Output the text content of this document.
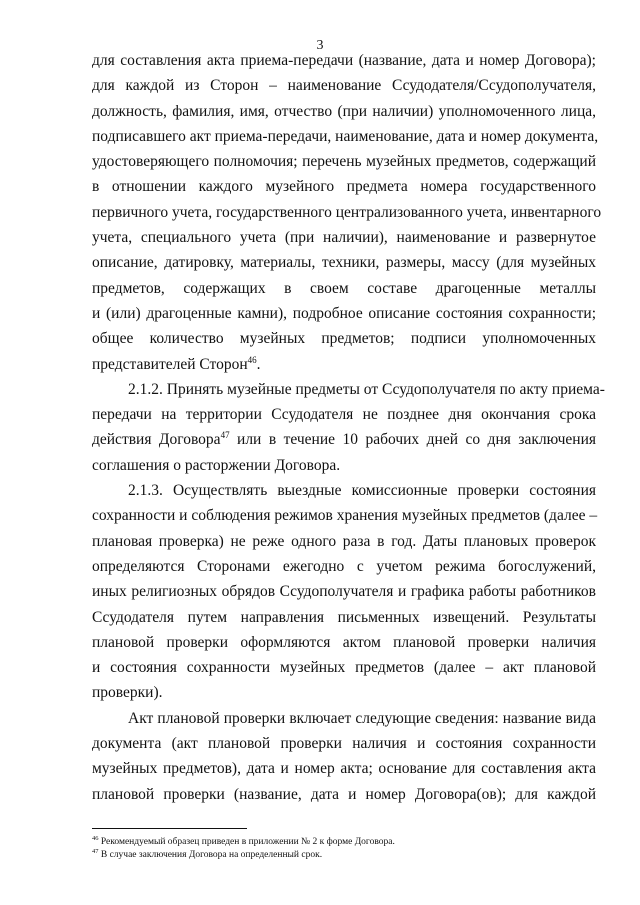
3
для составления акта приема-передачи (название, дата и номер Договора);
для каждой из Сторон – наименование Ссудодателя/Ссудополучателя,
должность, фамилия, имя, отчество (при наличии) уполномоченного лица,
подписавшего акт приема-передачи, наименование, дата и номер документа,
удостоверяющего полномочия; перечень музейных предметов, содержащий
в отношении каждого музейного предмета номера государственного
первичного учета, государственного централизованного учета, инвентарного
учета, специального учета (при наличии), наименование и развернутое
описание, датировку, материалы, техники, размеры, массу (для музейных
предметов, содержащих в своем составе драгоценные металлы
и (или) драгоценные камни), подробное описание состояния сохранности;
общее количество музейных предметов; подписи уполномоченных
представителей Сторон$^{46}$.
2.1.2. Принять музейные предметы от Ссудополучателя по акту приема-
передачи на территории Ссудодателя не позднее дня окончания срока
действия Договора$^{47}$ или в течение 10 рабочих дней со дня заключения
соглашения о расторжении Договора.
2.1.3. Осуществлять выездные комиссионные проверки состояния
сохранности и соблюдения режимов хранения музейных предметов (далее –
плановая проверка) не реже одного раза в год. Даты плановых проверок
определяются Сторонами ежегодно с учетом режима богослужений,
иных религиозных обрядов Ссудополучателя и графика работы работников
Ссудодателя путем направления письменных извещений. Результаты
плановой проверки оформляются актом плановой проверки наличия
и состояния сохранности музейных предметов (далее – акт плановой
проверки).
Акт плановой проверки включает следующие сведения: название вида
документа (акт плановой проверки наличия и состояния сохранности
музейных предметов), дата и номер акта; основание для составления акта
плановой проверки (название, дата и номер Договора(ов); для каждой
$^{46}$ Рекомендуемый образец приведен в приложении № 2 к форме Договора.
$^{47}$ В случае заключения Договора на определенный срок.
